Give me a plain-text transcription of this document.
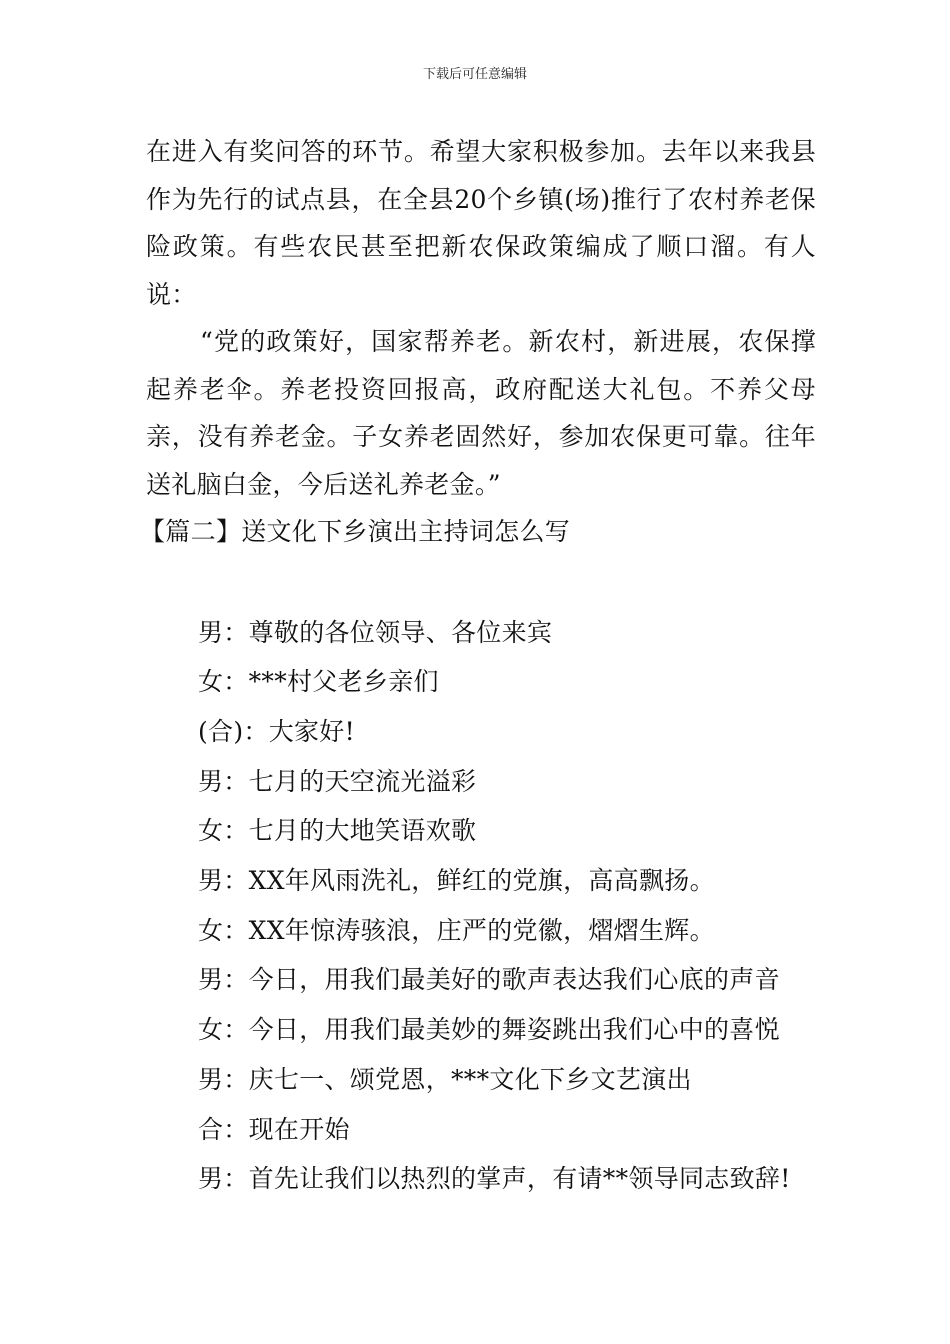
下载后可任意编辑

在进入有奖问答的环节。希望大家积极参加。去年以来我县作为先行的试点县，在全县20个乡镇(场)推行了农村养老保险政策。有些农民甚至把新农保政策编成了顺口溜。有人说：

“党的政策好，国家帮养老。新农村，新进展，农保撑起养老伞。养老投资回报高，政府配送大礼包。不养父母亲，没有养老金。子女养老固然好，参加农保更可靠。往年送礼脑白金，今后送礼养老金。”

【篇二】送文化下乡演出主持词怎么写

男：尊敬的各位领导、各位来宾

女：***村父老乡亲们

(合)：大家好!

男：七月的天空流光溢彩

女：七月的大地笑语欢歌

男：XX年风雨洗礼，鲜红的党旗，高高飘扬。

女：XX年惊涛骇浪，庄严的党徽，熠熠生辉。

男：今日，用我们最美好的歌声表达我们心底的声音

女：今日，用我们最美妙的舞姿跳出我们心中的喜悦

男：庆七一、颂党恩，***文化下乡文艺演出

合：现在开始

男：首先让我们以热烈的掌声，有请**领导同志致辞!
